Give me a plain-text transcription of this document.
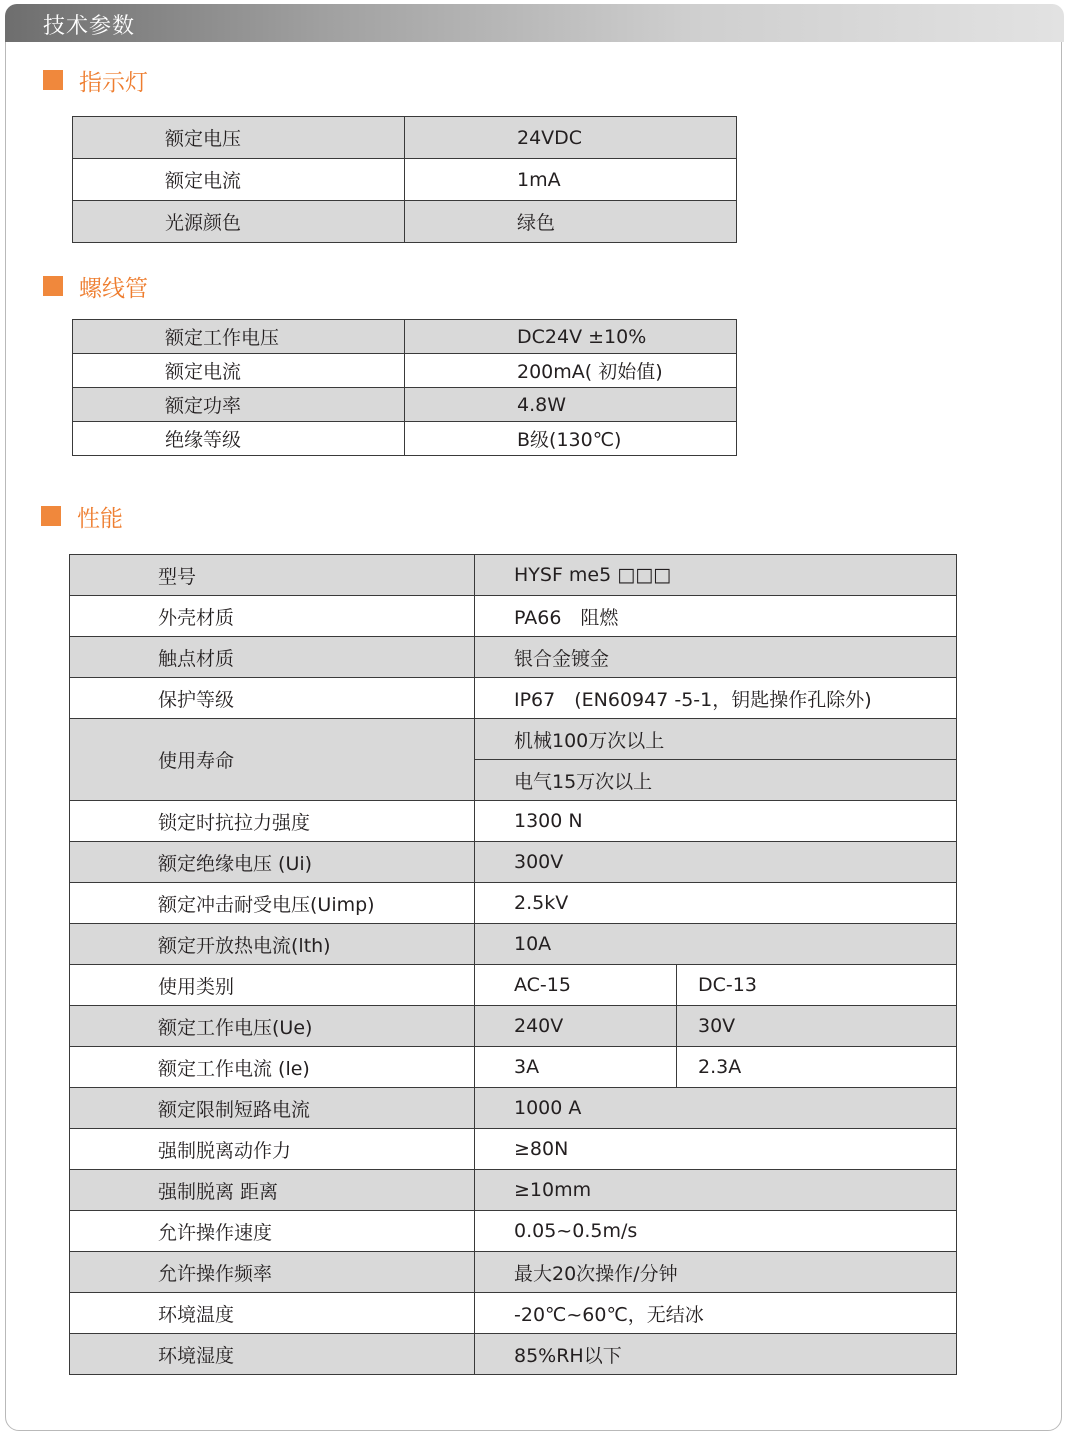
技术参数
指示灯
额定电压	24VDC
额定电流	1mA
光源颜色	绿色
螺线管
额定工作电压	DC24V ±10%
额定电流	200mA( 初始值)
额定功率	4.8W
绝缘等级	B级(130℃)
性能
型号	HYSF me5 □□□	
外壳材质	PA66　阻燃	
触点材质	银合金镀金	
保护等级	IP67　(EN60947 -5-1，钥匙操作孔除外)	
使用寿命	机械100万次以上	
	电气15万次以上	
锁定时抗拉力强度	1300 N	
额定绝缘电压 (Ui)	300V	
额定冲击耐受电压(Uimp)	2.5kV	
额定开放热电流(lth)	10A	
使用类别	AC-15	DC-13
额定工作电压(Ue)	240V	30V
额定工作电流 (le)	3A	2.3A
额定限制短路电流	1000 A	
强制脱离动作力	≥80N	
强制脱离 距离	≥10mm	
允许操作速度	0.05~0.5m/s	
允许操作频率	最大20次操作/分钟	
环境温度	-20℃~60℃，无结冰	
环境湿度	85%RH以下	
